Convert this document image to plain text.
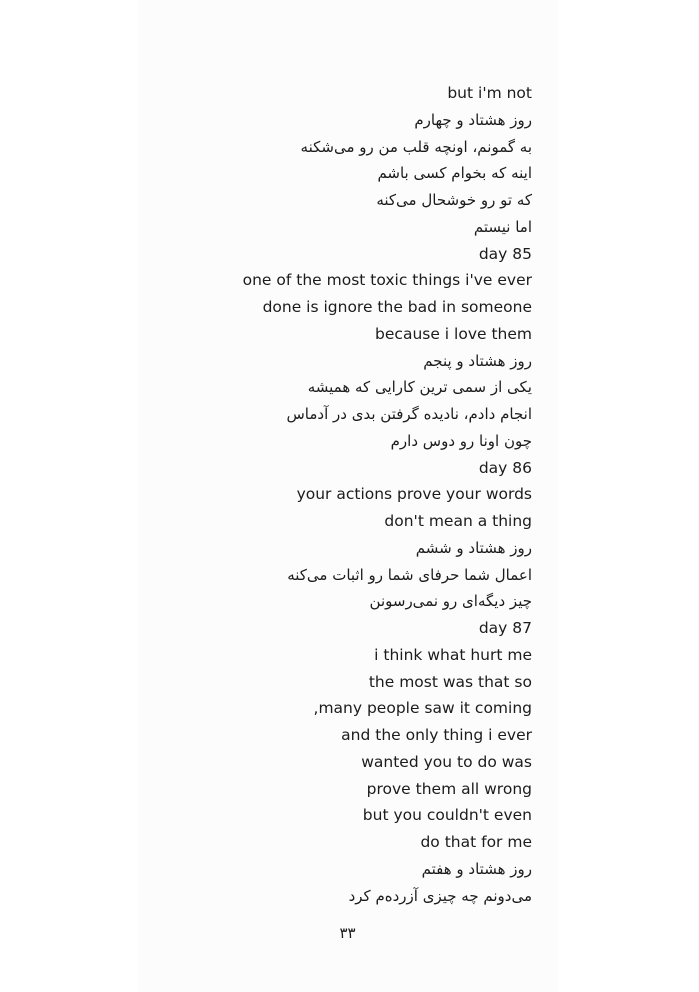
but i'm not
روز هشتاد و چهارم
به گمونم، اونچه قلب من رو می‌شکنه
اینه که بخوام کسی باشم
که تو رو خوشحال می‌کنه
اما نیستم
day 85
one of the most toxic things i've ever
done is ignore the bad in someone
because i love them
روز هشتاد و پنجم
یکی از سمی ترین کارایی که همیشه
انجام دادم، نادیده گرفتن بدی در آدماس
چون اونا رو دوس دارم
day 86
your actions prove your words
don't mean a thing
روز هشتاد و ششم
اعمال شما حرفای شما رو اثبات می‌کنه
چیز دیگه‌ای رو نمی‌رسونن
day 87
i think what hurt me
the most was that so
,many people saw it coming
and the only thing i ever
wanted you to do was
prove them all wrong
but you couldn't even
do that for me
روز هشتاد و هفتم
می‌دونم چه چیزی آزردەم کرد
۳۳
